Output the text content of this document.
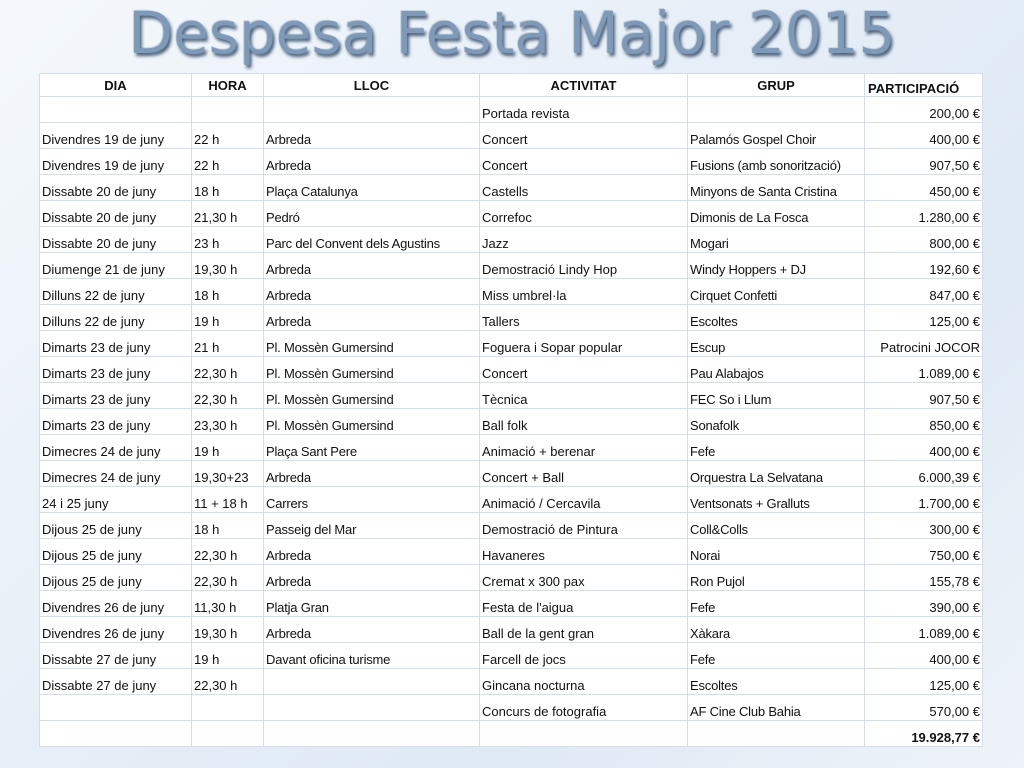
Despesa Festa Major 2015
DIA	HORA	LLOC	ACTIVITAT	GRUP	PARTICIPACIÓ
			Portada revista		200,00 €
Divendres 19 de juny	22 h	Arbreda	Concert	Palamós Gospel Choir	400,00 €
Divendres 19 de juny	22 h	Arbreda	Concert	Fusions (amb sonorització)	907,50 €
Dissabte 20 de juny	18 h	Plaça Catalunya	Castells	Minyons de Santa Cristina	450,00 €
Dissabte 20 de juny	21,30 h	Pedró	Correfoc	Dimonis de La Fosca	1.280,00 €
Dissabte 20 de juny	23 h	Parc del Convent dels Agustins	Jazz	Mogari	800,00 €
Diumenge 21 de juny	19,30 h	Arbreda	Demostració Lindy Hop	Windy Hoppers + DJ	192,60 €
Dilluns 22 de juny	18 h	Arbreda	Miss umbrel·la	Cirquet Confetti	847,00 €
Dilluns 22 de juny	19 h	Arbreda	Tallers	Escoltes	125,00 €
Dimarts 23 de juny	21 h	Pl. Mossèn Gumersind	Foguera i Sopar popular	Escup	Patrocini JOCOR
Dimarts 23 de juny	22,30 h	Pl. Mossèn Gumersind	Concert	Pau Alabajos	1.089,00 €
Dimarts 23 de juny	22,30 h	Pl. Mossèn Gumersind	Tècnica	FEC So i Llum	907,50 €
Dimarts 23 de juny	23,30 h	Pl. Mossèn Gumersind	Ball folk	Sonafolk	850,00 €
Dimecres 24 de juny	19 h	Plaça Sant Pere	Animació + berenar	Fefe	400,00 €
Dimecres 24 de juny	19,30+23	Arbreda	Concert + Ball	Orquestra La Selvatana	6.000,39 €
24 i 25 juny	11 + 18 h	Carrers	Animació / Cercavila	Ventsonats + Gralluts	1.700,00 €
Dijous 25 de juny	18 h	Passeig del Mar	Demostració de Pintura	Coll&Colls	300,00 €
Dijous 25 de juny	22,30 h	Arbreda	Havaneres	Norai	750,00 €
Dijous 25 de juny	22,30 h	Arbreda	Cremat x 300 pax	Ron Pujol	155,78 €
Divendres 26 de juny	11,30 h	Platja Gran	Festa de l'aigua	Fefe	390,00 €
Divendres 26 de juny	19,30 h	Arbreda	Ball de la gent gran	Xàkara	1.089,00 €
Dissabte 27 de juny	19 h	Davant oficina turisme	Farcell de jocs	Fefe	400,00 €
Dissabte 27 de juny	22,30 h		Gincana nocturna	Escoltes	125,00 €
			Concurs de fotografia	AF Cine Club Bahia	570,00 €
					19.928,77 €
